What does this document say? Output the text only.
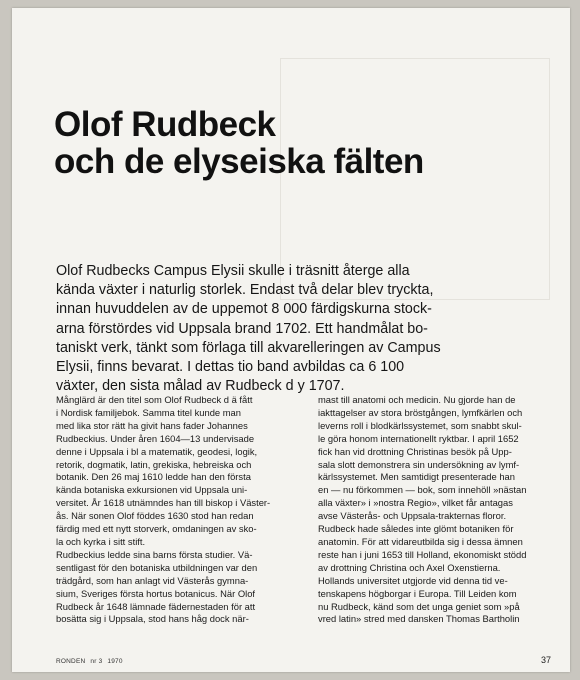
Olof Rudbeck
och de elyseiska fälten

Olof Rudbecks Campus Elysii skulle i träsnitt återge alla
kända växter i naturlig storlek. Endast två delar blev tryckta,
innan huvuddelen av de uppemot 8 000 färdigskurna stock-
arna förstördes vid Uppsala brand 1702. Ett handmålat bo-
taniskt verk, tänkt som förlaga till akvarelleringen av Campus
Elysii, finns bevarat. I dettas tio band avbildas ca 6 100
växter, den sista målad av Rudbeck d y 1707.

Månglärd är den titel som Olof Rudbeck d ä fått
i Nordisk familjebok. Samma titel kunde man
med lika stor rätt ha givit hans fader Johannes
Rudbeckius. Under åren 1604—13 undervisade
denne i Uppsala i bl a matematik, geodesi, logik,
retorik, dogmatik, latin, grekiska, hebreiska och
botanik. Den 26 maj 1610 ledde han den första
kända botaniska exkursionen vid Uppsala uni-
versitet. År 1618 utnämndes han till biskop i Väster-
ås. När sonen Olof föddes 1630 stod han redan
färdig med ett nytt storverk, omdaningen av sko-
la och kyrka i sitt stift.
Rudbeckius ledde sina barns första studier. Vä-
sentligast för den botaniska utbildningen var den
trädgård, som han anlagt vid Västerås gymna-
sium, Sveriges första hortus botanicus. När Olof
Rudbeck år 1648 lämnade fädernestaden för att
bosätta sig i Uppsala, stod hans håg dock när-

mast till anatomi och medicin. Nu gjorde han de
iakttagelser av stora bröstgången, lymfkärlen och
leverns roll i blodkärlssystemet, som snabbt skul-
le göra honom internationellt ryktbar. I april 1652
fick han vid drottning Christinas besök på Upp-
sala slott demonstrera sin undersökning av lymf-
kärlssystemet. Men samtidigt presenterade han
en — nu förkommen — bok, som innehöll »nästan
alla växter» i »nostra Regio», vilket får antagas
avse Västerås- och Uppsala-trakternas floror.
Rudbeck hade således inte glömt botaniken för
anatomin. För att vidareutbilda sig i dessa ämnen
reste han i juni 1653 till Holland, ekonomiskt stödd
av drottning Christina och Axel Oxenstierna.
Hollands universitet utgjorde vid denna tid ve-
tenskapens högborgar i Europa. Till Leiden kom
nu Rudbeck, känd som det unga geniet som »på
vred latin» stred med dansken Thomas Bartholin

RONDEN nr 3 1970	37
